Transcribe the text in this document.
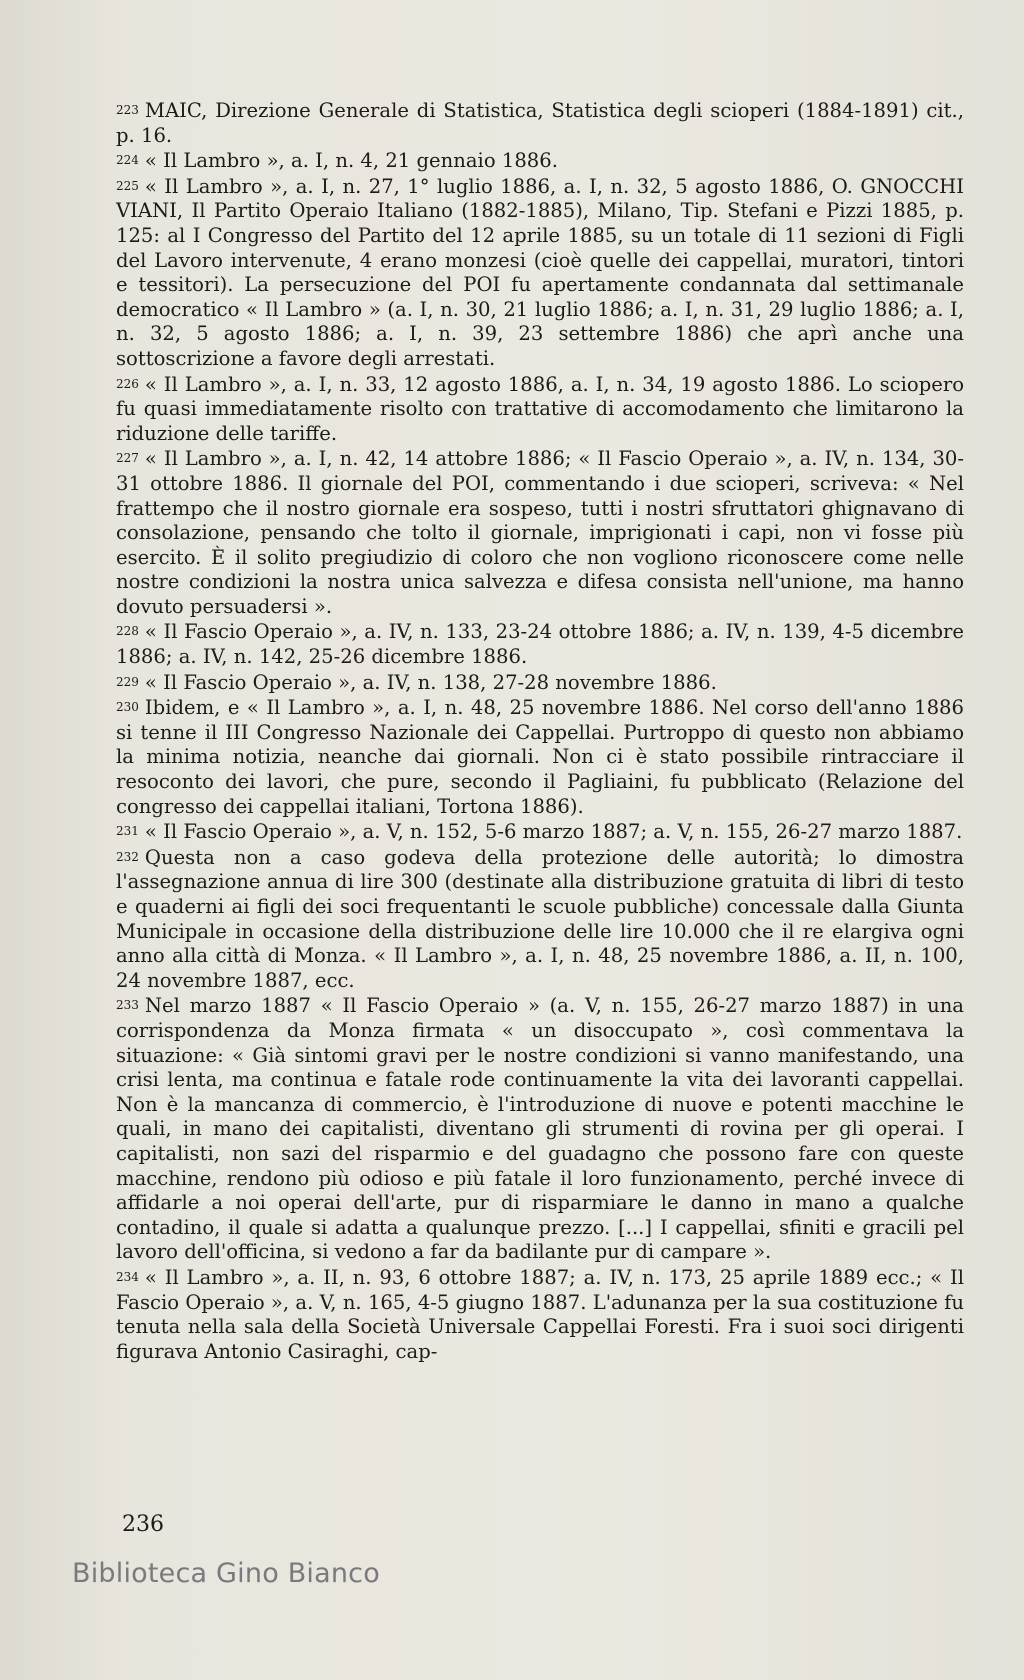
223 MAIC, Direzione Generale di Statistica, Statistica degli scioperi (1884-1891) cit., p. 16.

224 « Il Lambro », a. I, n. 4, 21 gennaio 1886.

225 « Il Lambro », a. I, n. 27, 1° luglio 1886, a. I, n. 32, 5 agosto 1886, O. GNOCCHI VIANI, Il Partito Operaio Italiano (1882-1885), Milano, Tip. Stefani e Pizzi 1885, p. 125: al I Congresso del Partito del 12 aprile 1885, su un totale di 11 sezioni di Figli del Lavoro intervenute, 4 erano monzesi (cioè quelle dei cappellai, muratori, tintori e tessitori). La persecuzione del POI fu apertamente condannata dal settimanale democratico « Il Lambro » (a. I, n. 30, 21 luglio 1886; a. I, n. 31, 29 luglio 1886; a. I, n. 32, 5 agosto 1886; a. I, n. 39, 23 settembre 1886) che aprì anche una sottoscrizione a favore degli arrestati.

226 « Il Lambro », a. I, n. 33, 12 agosto 1886, a. I, n. 34, 19 agosto 1886. Lo sciopero fu quasi immediatamente risolto con trattative di accomodamento che limitarono la riduzione delle tariffe.

227 « Il Lambro », a. I, n. 42, 14 attobre 1886; « Il Fascio Operaio », a. IV, n. 134, 30-31 ottobre 1886. Il giornale del POI, commentando i due scioperi, scriveva: « Nel frattempo che il nostro giornale era sospeso, tutti i nostri sfruttatori ghignavano di consolazione, pensando che tolto il giornale, imprigionati i capi, non vi fosse più esercito. È il solito pregiudizio di coloro che non vogliono riconoscere come nelle nostre condizioni la nostra unica salvezza e difesa consista nell'unione, ma hanno dovuto persuadersi ».

228 « Il Fascio Operaio », a. IV, n. 133, 23-24 ottobre 1886; a. IV, n. 139, 4-5 dicembre 1886; a. IV, n. 142, 25-26 dicembre 1886.

229 « Il Fascio Operaio », a. IV, n. 138, 27-28 novembre 1886.

230 Ibidem, e « Il Lambro », a. I, n. 48, 25 novembre 1886. Nel corso dell'anno 1886 si tenne il III Congresso Nazionale dei Cappellai. Purtroppo di questo non abbiamo la minima notizia, neanche dai giornali. Non ci è stato possibile rintracciare il resoconto dei lavori, che pure, secondo il Pagliaini, fu pubblicato (Relazione del congresso dei cappellai italiani, Tortona 1886).

231 « Il Fascio Operaio », a. V, n. 152, 5-6 marzo 1887; a. V, n. 155, 26-27 marzo 1887.

232 Questa non a caso godeva della protezione delle autorità; lo dimostra l'assegnazione annua di lire 300 (destinate alla distribuzione gratuita di libri di testo e quaderni ai figli dei soci frequentanti le scuole pubbliche) concessale dalla Giunta Municipale in occasione della distribuzione delle lire 10.000 che il re elargiva ogni anno alla città di Monza. « Il Lambro », a. I, n. 48, 25 novembre 1886, a. II, n. 100, 24 novembre 1887, ecc.

233 Nel marzo 1887 « Il Fascio Operaio » (a. V, n. 155, 26-27 marzo 1887) in una corrispondenza da Monza firmata « un disoccupato », così commentava la situazione: « Già sintomi gravi per le nostre condizioni si vanno manifestando, una crisi lenta, ma continua e fatale rode continuamente la vita dei lavoranti cappellai. Non è la mancanza di commercio, è l'introduzione di nuove e potenti macchine le quali, in mano dei capitalisti, diventano gli strumenti di rovina per gli operai. I capitalisti, non sazi del risparmio e del guadagno che possono fare con queste macchine, rendono più odioso e più fatale il loro funzionamento, perché invece di affidarle a noi operai dell'arte, pur di risparmiare le danno in mano a qualche contadino, il quale si adatta a qualunque prezzo. [...] I cappellai, sfiniti e gracili pel lavoro dell'officina, si vedono a far da badilante pur di campare ».

234 « Il Lambro », a. II, n. 93, 6 ottobre 1887; a. IV, n. 173, 25 aprile 1889 ecc.; « Il Fascio Operaio », a. V, n. 165, 4-5 giugno 1887. L'adunanza per la sua costituzione fu tenuta nella sala della Società Universale Cappellai Foresti. Fra i suoi soci dirigenti figurava Antonio Casiraghi, cap-

236
Biblioteca Gino Bianco
